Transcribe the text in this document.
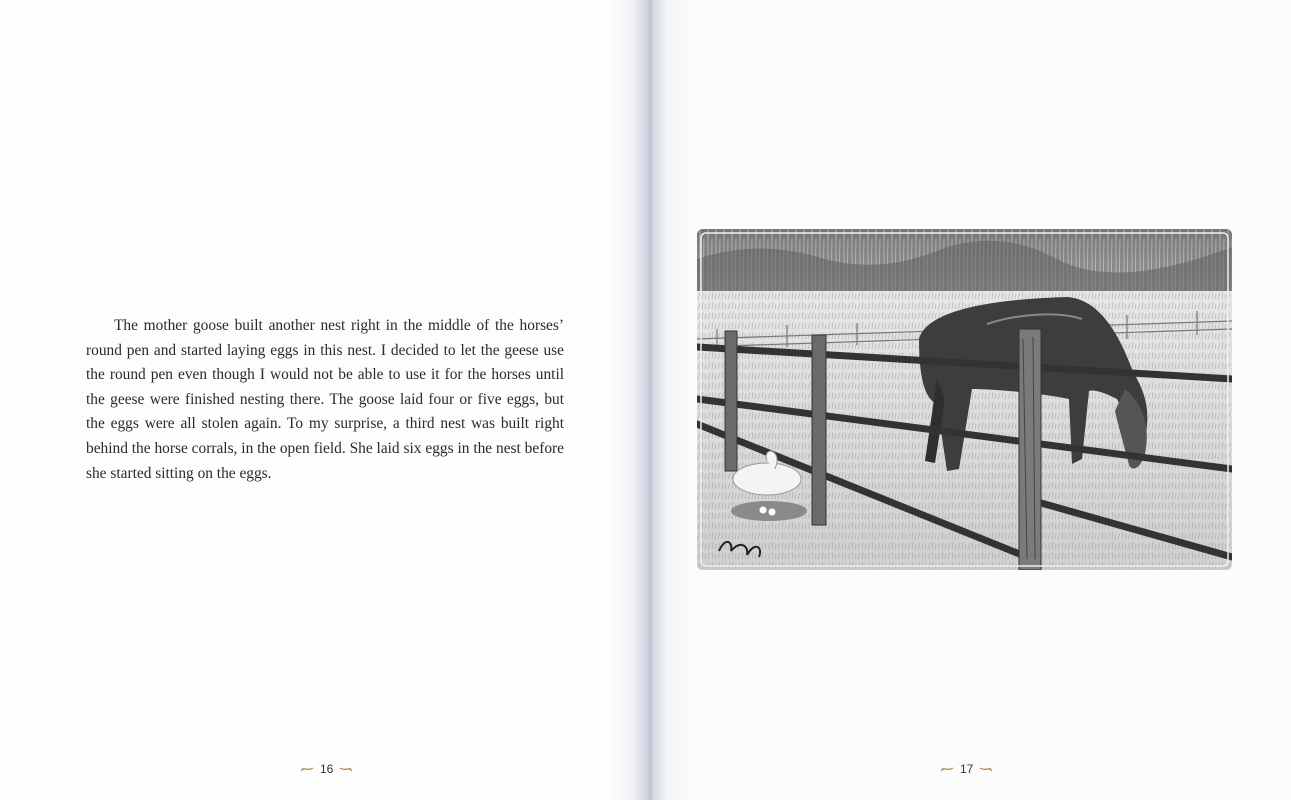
The mother goose built another nest right in the middle of the horses’ round pen and started laying eggs in this nest. I decided to let the geese use the round pen even though I would not be able to use it for the horses until the geese were finished nesting there. The goose laid four or five eggs, but the eggs were all stolen again. To my surprise, a third nest was built right behind the horse corrals, in the open field. She laid six eggs in the nest before she started sitting on the eggs.

16	17
